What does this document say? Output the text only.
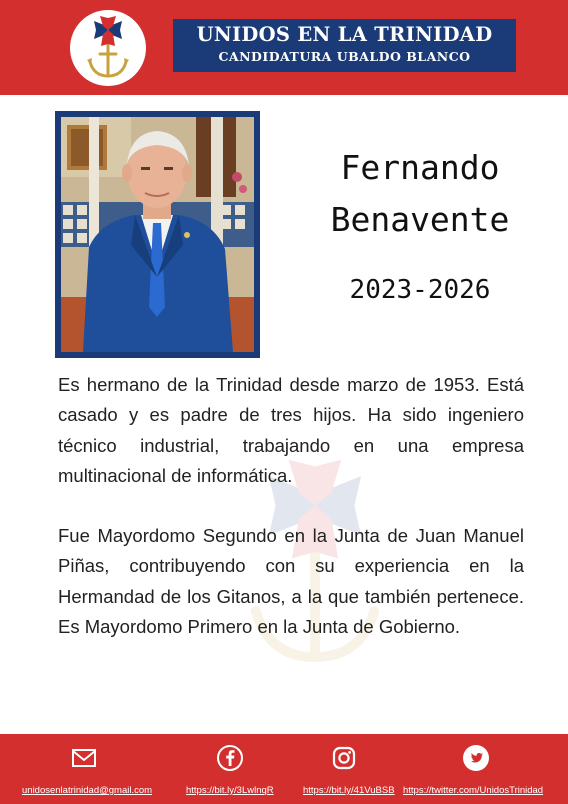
UNIDOS EN LA TRINIDAD
CANDIDATURA UBALDO BLANCO
Fernando
Benavente
2023-2026

Es hermano de la Trinidad desde marzo de 1953. Está casado y es padre de tres hijos. Ha sido ingeniero técnico industrial, trabajando en una empresa multinacional de informática.

Fue Mayordomo Segundo en la Junta de Juan Manuel Piñas, contribuyendo con su experiencia en la Hermandad de los Gitanos, a la que también pertenece. Es Mayordomo Primero en la Junta de Gobierno.

unidosenlatrinidad@gmail.com	https://bit.ly/3LwlnqR	https://bit.ly/41VuBSB https://twitter.com/UnidosTrinidad
